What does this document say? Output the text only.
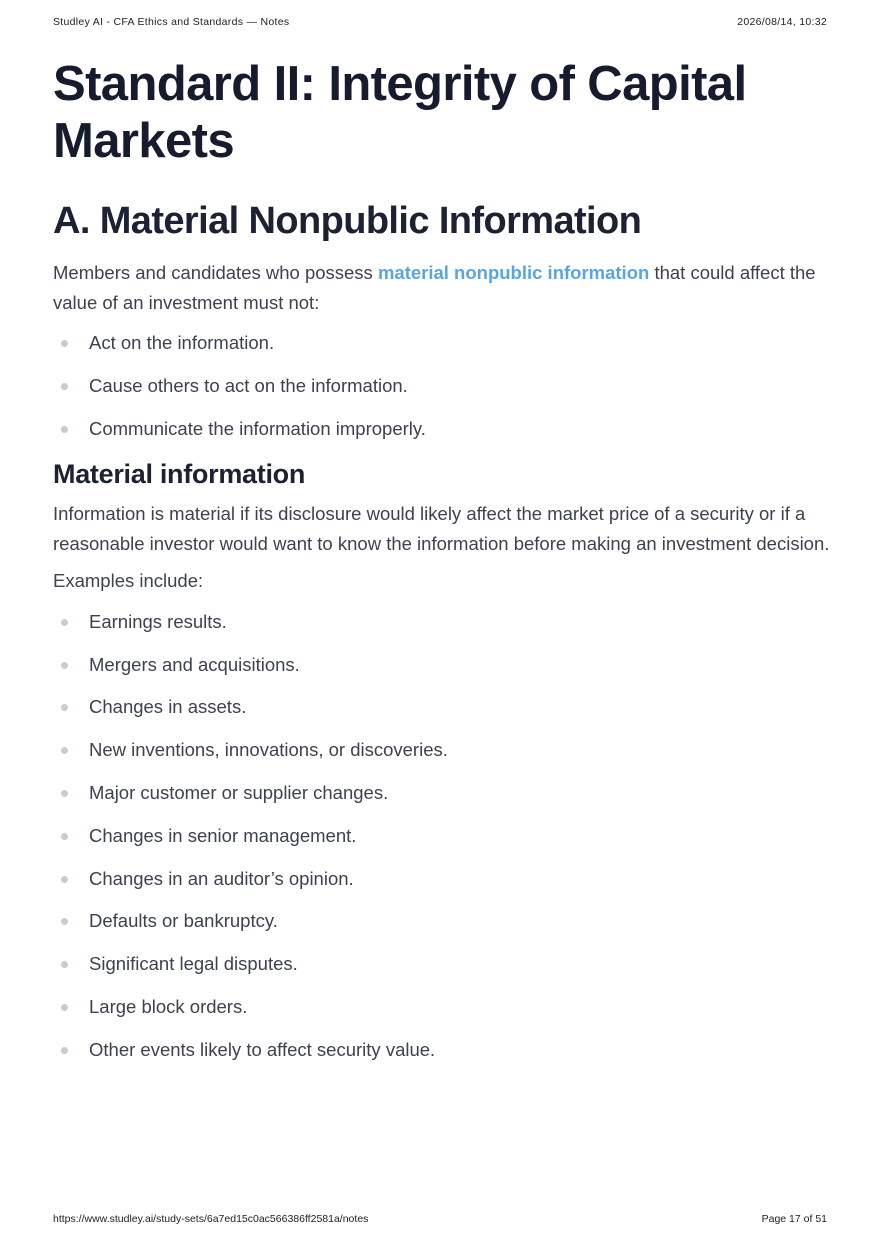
Studley AI - CFA Ethics and Standards — Notes	2026/08/14, 10:32
Standard II: Integrity of Capital Markets
A. Material Nonpublic Information

Members and candidates who possess material nonpublic information that could affect the value of an investment must not:

Act on the information.
Cause others to act on the information.
Communicate the information improperly.
Material information

Information is material if its disclosure would likely affect the market price of a security or if a reasonable investor would want to know the information before making an investment decision.

Examples include:

Earnings results.
Mergers and acquisitions.
Changes in assets.
New inventions, innovations, or discoveries.
Major customer or supplier changes.
Changes in senior management.
Changes in an auditor’s opinion.
Defaults or bankruptcy.
Significant legal disputes.
Large block orders.
Other events likely to affect security value.
https://www.studley.ai/study-sets/6a7ed15c0ac566386ff2581a/notes	Page 17 of 51
